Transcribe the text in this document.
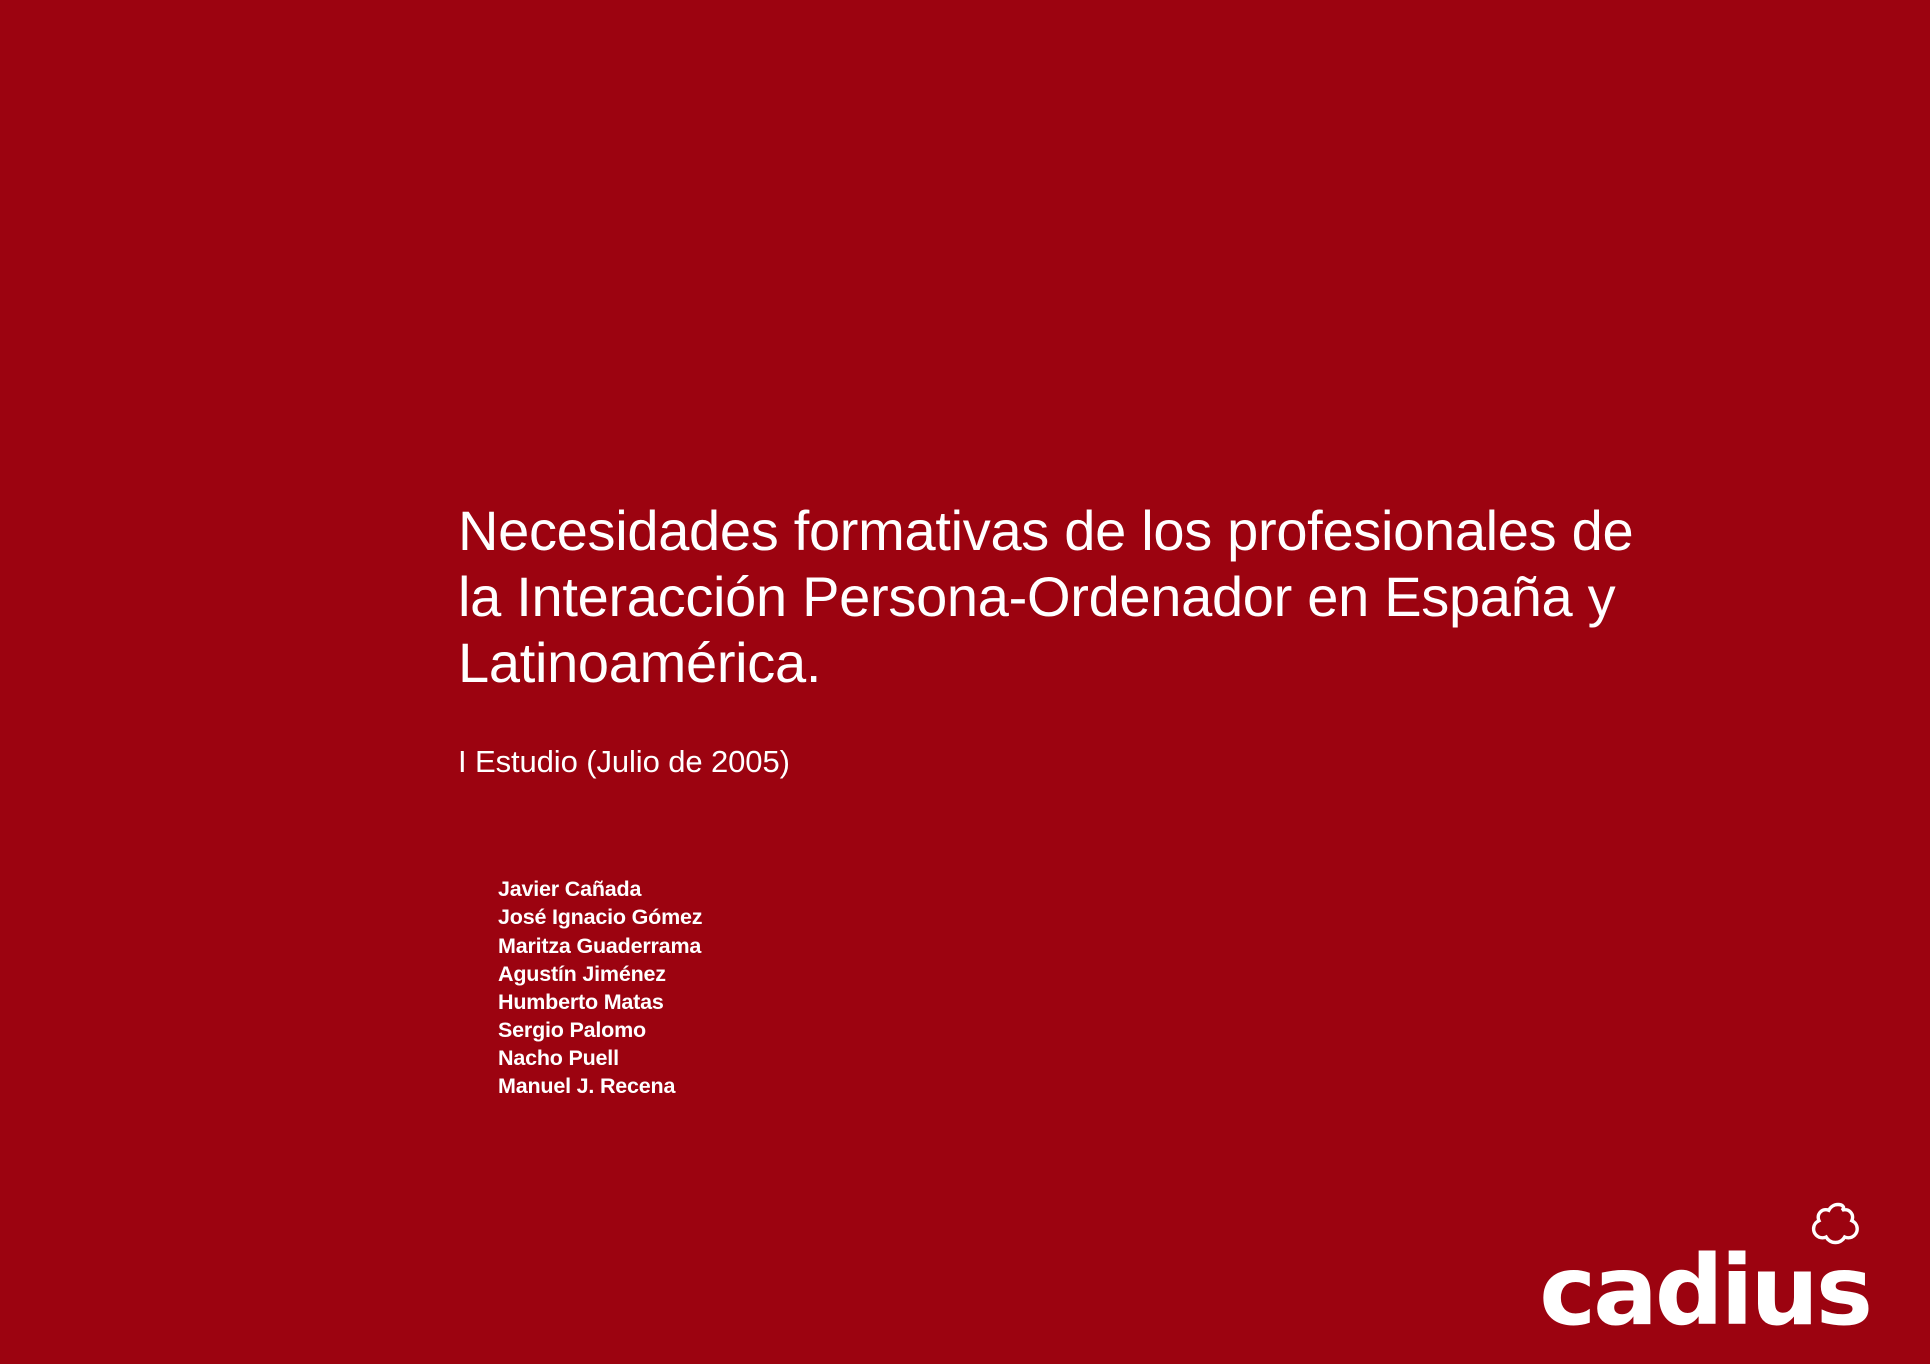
Necesidades formativas de los profesionales de la Interacción Persona-Ordenador en España y Latinoamérica.

I Estudio (Julio de 2005)

Javier Cañada
José Ignacio Gómez
Maritza Guaderrama
Agustín Jiménez
Humberto Matas
Sergio Palomo
Nacho Puell
Manuel J. Recena
cadius
